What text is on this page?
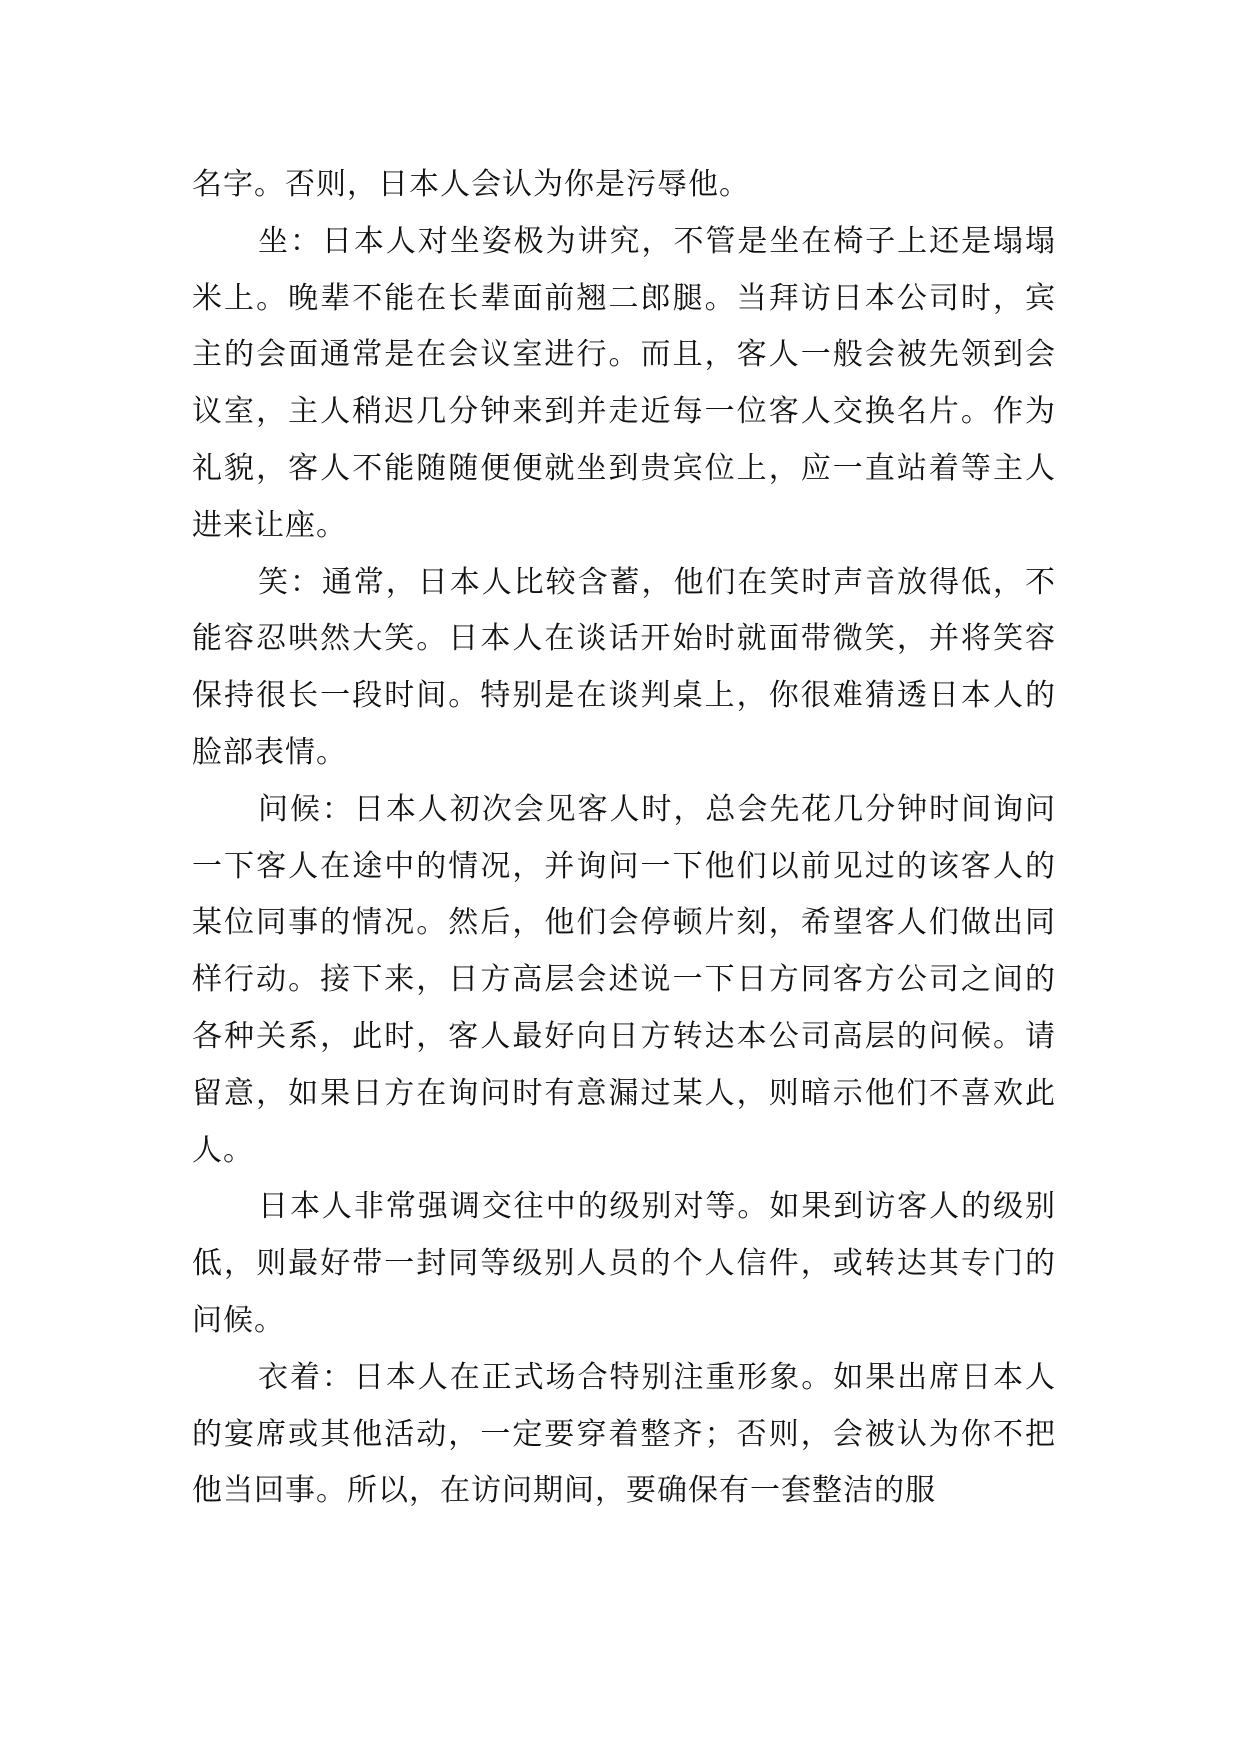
名字。否则，日本人会认为你是污辱他。

坐：日本人对坐姿极为讲究，不管是坐在椅子上还是塌塌米上。晚辈不能在长辈面前翘二郎腿。当拜访日本公司时，宾主的会面通常是在会议室进行。而且，客人一般会被先领到会议室，主人稍迟几分钟来到并走近每一位客人交换名片。作为礼貌，客人不能随随便便就坐到贵宾位上，应一直站着等主人进来让座。

笑：通常，日本人比较含蓄，他们在笑时声音放得低，不能容忍哄然大笑。日本人在谈话开始时就面带微笑，并将笑容保持很长一段时间。特别是在谈判桌上，你很难猜透日本人的脸部表情。

问候：日本人初次会见客人时，总会先花几分钟时间询问一下客人在途中的情况，并询问一下他们以前见过的该客人的某位同事的情况。然后，他们会停顿片刻，希望客人们做出同样行动。接下来，日方高层会述说一下日方同客方公司之间的各种关系，此时，客人最好向日方转达本公司高层的问候。请留意，如果日方在询问时有意漏过某人，则暗示他们不喜欢此人。

日本人非常强调交往中的级别对等。如果到访客人的级别低，则最好带一封同等级别人员的个人信件，或转达其专门的问候。

衣着：日本人在正式场合特别注重形象。如果出席日本人的宴席或其他活动，一定要穿着整齐；否则，会被认为你不把他当回事。所以，在访问期间，要确保有一套整洁的服
